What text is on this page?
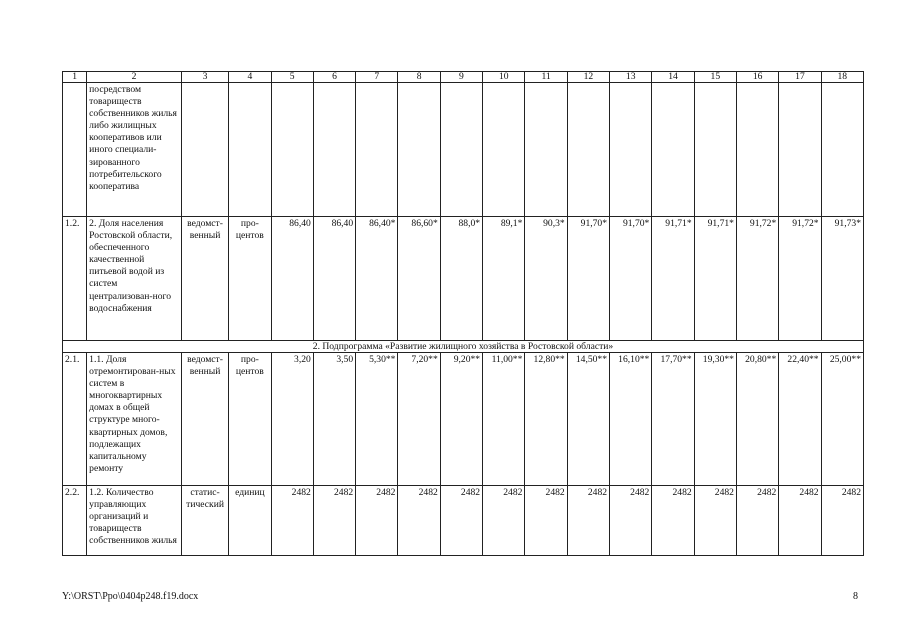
1	2	3	4	5	6	7	8	9	10	11	12	13	14	15	16	17	18
	посредством товариществ собственников жилья либо жилищных кооперативов или иного специали-зированного потребительского кооператива																
1.2.	2. Доля населения Ростовской области, обеспеченного качественной питьевой водой из систем централизован-ного водоснабжения	ведомст-венный	про-центов	86,40	86,40	86,40*	86,60*	88,0*	89,1*	90,3*	91,70*	91,70*	91,71*	91,71*	91,72*	91,72*	91,73*
2. Подпрограмма «Развитие жилищного хозяйства в Ростовской области»																	
2.1.	1.1. Доля отремонтирован-ных систем в многоквартирных домах в общей структуре много-квартирных домов, подлежащих капитальному ремонту	ведомст-венный	про-центов	3,20	3,50	5,30**	7,20**	9,20**	11,00**	12,80**	14,50**	16,10**	17,70**	19,30**	20,80**	22,40**	25,00**
2.2.	1.2. Количество управляющих организаций и товариществ собственников жилья	статис-тический	единиц	2482	2482	2482	2482	2482	2482	2482	2482	2482	2482	2482	2482	2482	2482
Y:\ORST\Ppo\0404p248.f19.docx	8
